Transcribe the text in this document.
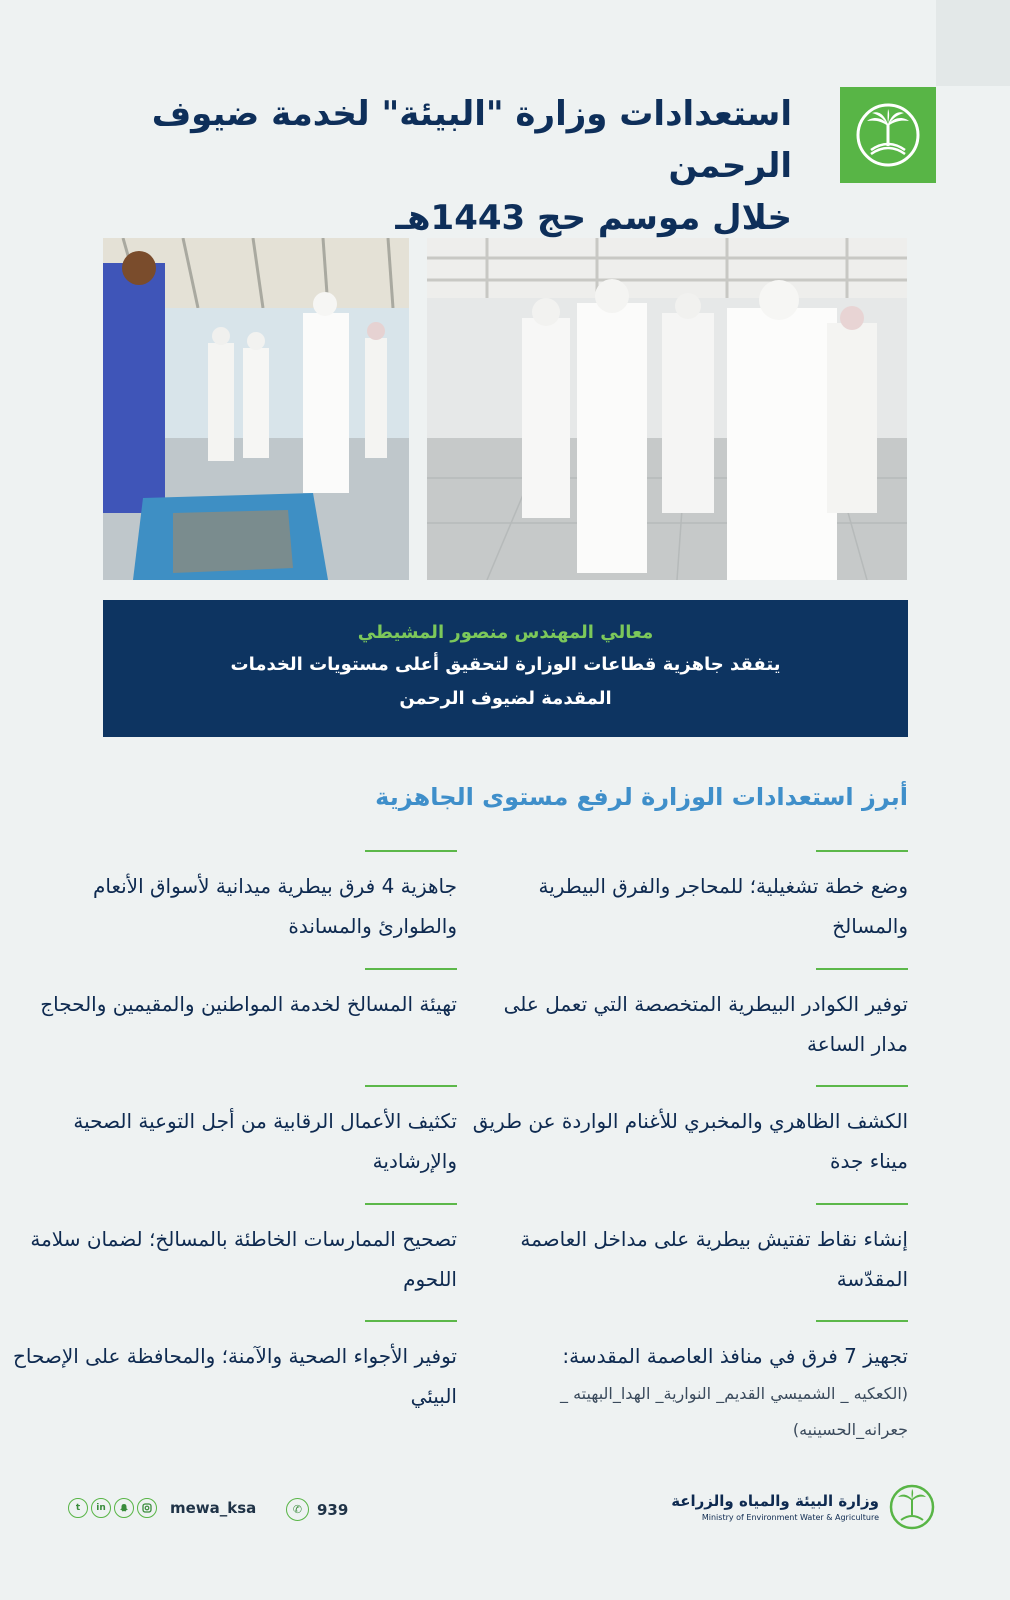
استعدادات وزارة "البيئة" لخدمة ضيوف الرحمن
خلال موسم حج 1443هـ
معالي المهندس منصور المشيطي
يتفقد جاهزية قطاعات الوزارة لتحقيق أعلى مستويات الخدمات
المقدمة لضيوف الرحمن
أبرز استعدادات الوزارة لرفع مستوى الجاهزية
وضع خطة تشغيلية؛ للمحاجر والفرق البيطرية والمسالخ
جاهزية 4 فرق بيطرية ميدانية لأسواق الأنعام والطوارئ والمساندة
توفير الكوادر البيطرية المتخصصة التي تعمل على مدار الساعة
تهيئة المسالخ لخدمة المواطنين والمقيمين والحجاج
الكشف الظاهري والمخبري للأغنام الواردة عن طريق ميناء جدة
تكثيف الأعمال الرقابية من أجل التوعية الصحية والإرشادية
إنشاء نقاط تفتيش بيطرية على مداخل العاصمة المقدّسة
تصحيح الممارسات الخاطئة بالمسالخ؛ لضمان سلامة اللحوم
تجهيز 7 فرق في منافذ العاصمة المقدسة:
(الكعكيه _ الشميسي القديم_ النوارية_ الهدا_البهيته _ جعرانه_الحسينيه)
توفير الأجواء الصحية والآمنة؛ والمحافظة على الإصحاح البيئي
وزارة البيئة والمياه والزراعة
Ministry of Environment Water & Agriculture
✆ 939
t	in	mewa_ksa
